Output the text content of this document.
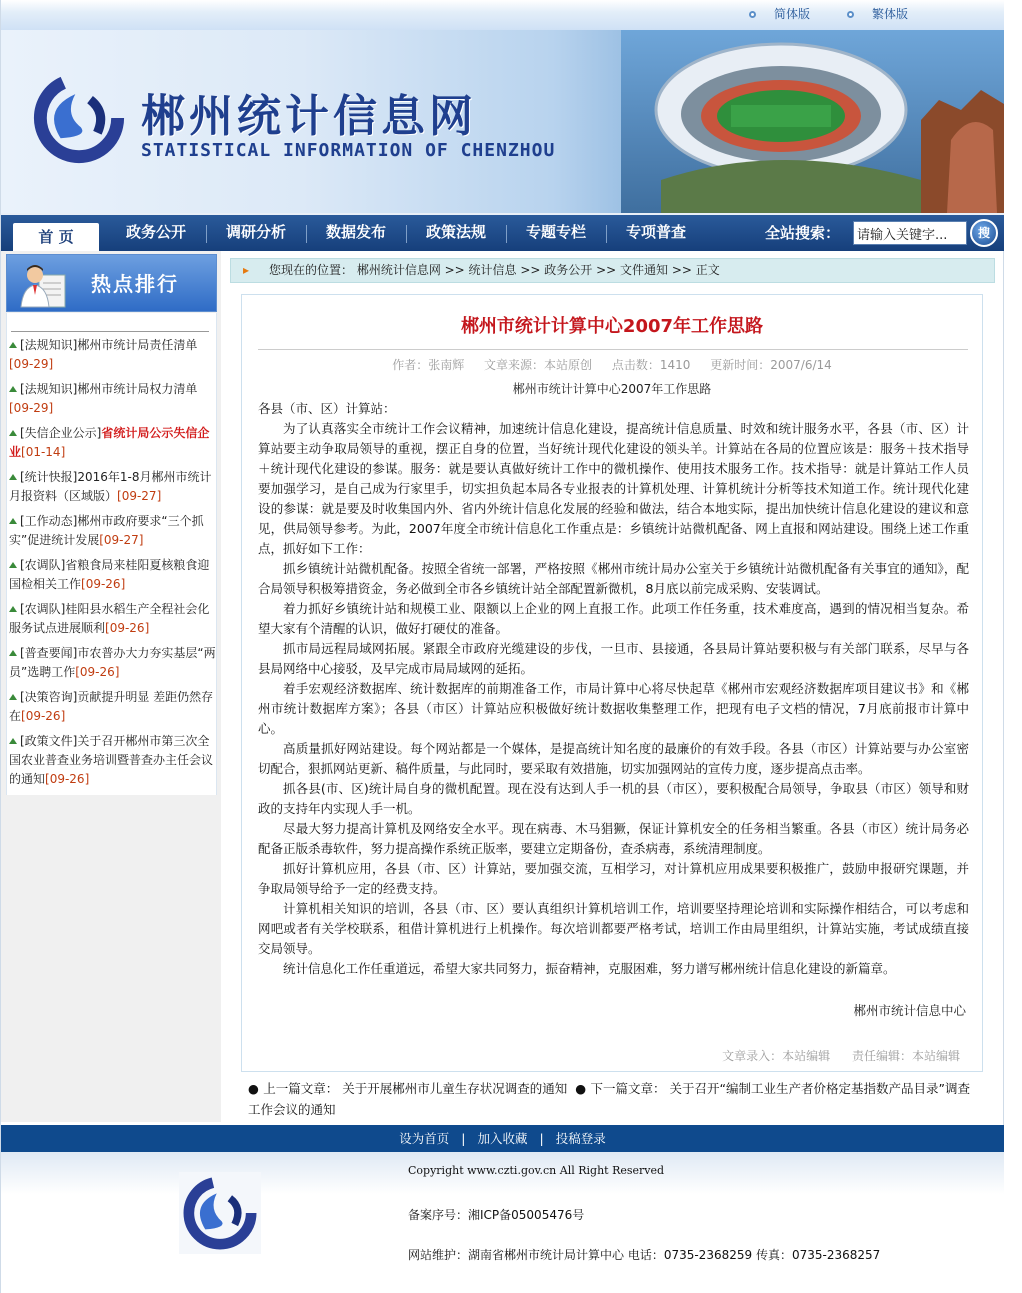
简体版	繁体版
郴州统计信息网
STATISTICAL INFORMATION OF CHENZHOU
首 页	政务公开	调研分析	数据发布	政策法规	专题专栏	专项普查	全站搜索：
请输入关键字...	搜
热点排行
[法规知识]郴州市统计局责任清单
[09-29]
[法规知识]郴州市统计局权力清单
[09-29]
[失信企业公示]省统计局公示失信企业[01-14]
[统计快报]2016年1-8月郴州市统计月报资料（区域版）[09-27]
[工作动态]郴州市政府要求“三个抓实”促进统计发展[09-27]
[农调队]省粮食局来桂阳夏核粮食迎国检相关工作[09-26]
[农调队]桂阳县水稻生产全程社会化服务试点进展顺利[09-26]
[普查要闻]市农普办大力夯实基层“两员”选聘工作[09-26]
[决策咨询]贡献提升明显 差距仍然存在[09-26]
[政策文件]关于召开郴州市第三次全国农业普查业务培训暨普查办主任会议的通知[09-26]
▸ 您现在的位置： 郴州统计信息网 >> 统计信息 >> 政务公开 >> 文件通知 >> 正文
郴州市统计计算中心2007年工作思路
作者：张南辉 文章来源：本站原创 点击数：1410 更新时间：2007/6/14
郴州市统计计算中心2007年工作思路

各县（市、区）计算站：

为了认真落实全市统计工作会议精神，加速统计信息化建设，提高统计信息质量、时效和统计服务水平，各县（市、区）计算站要主动争取局领导的重视，摆正自身的位置，当好统计现代化建设的领头羊。计算站在各局的位置应该是：服务＋技术指导＋统计现代化建设的参谋。服务：就是要认真做好统计工作中的微机操作、使用技术服务工作。技术指导：就是计算站工作人员要加强学习，是自己成为行家里手，切实担负起本局各专业报表的计算机处理、计算机统计分析等技术知道工作。统计现代化建设的参谋：就是要及时收集国内外、省内外统计信息化发展的经验和做法，结合本地实际，提出加快统计信息化建设的建议和意见，供局领导参考。为此，2007年度全市统计信息化工作重点是：乡镇统计站微机配备、网上直报和网站建设。围绕上述工作重点，抓好如下工作：

抓乡镇统计站微机配备。按照全省统一部署，严格按照《郴州市统计局办公室关于乡镇统计站微机配备有关事宜的通知》，配合局领导积极筹措资金，务必做到全市各乡镇统计站全部配置新微机，8月底以前完成采购、安装调试。

着力抓好乡镇统计站和规模工业、限额以上企业的网上直报工作。此项工作任务重，技术难度高，遇到的情况相当复杂。希望大家有个清醒的认识，做好打硬仗的准备。

抓市局远程局域网拓展。紧跟全市政府光缆建设的步伐，一旦市、县接通，各县局计算站要积极与有关部门联系，尽早与各县局网络中心接驳，及早完成市局局域网的延拓。

着手宏观经济数据库、统计数据库的前期准备工作，市局计算中心将尽快起草《郴州市宏观经济数据库项目建议书》和《郴州市统计数据库方案》；各县（市区）计算站应积极做好统计数据收集整理工作，把现有电子文档的情况，7月底前报市计算中心。

高质量抓好网站建设。每个网站都是一个媒体，是提高统计知名度的最廉价的有效手段。各县（市区）计算站要与办公室密切配合，狠抓网站更新、稿件质量，与此同时，要采取有效措施，切实加强网站的宣传力度，逐步提高点击率。

抓各县(市、区)统计局自身的微机配置。现在没有达到人手一机的县（市区），要积极配合局领导，争取县（市区）领导和财政的支持年内实现人手一机。

尽最大努力提高计算机及网络安全水平。现在病毒、木马猖獗，保证计算机安全的任务相当繁重。各县（市区）统计局务必配备正版杀毒软件，努力提高操作系统正版率，要建立定期备份，查杀病毒，系统清理制度。

抓好计算机应用，各县（市、区）计算站，要加强交流，互相学习，对计算机应用成果要积极推广，鼓励申报研究课题，并争取局领导给予一定的经费支持。

计算机相关知识的培训，各县（市、区）要认真组织计算机培训工作，培训要坚持理论培训和实际操作相结合，可以考虑和网吧或者有关学校联系，租借计算机进行上机操作。每次培训都要严格考试，培训工作由局里组织，计算站实施，考试成绩直接交局领导。

统计信息化工作任重道远，希望大家共同努力，振奋精神，克服困难，努力谱写郴州统计信息化建设的新篇章。

郴州市统计信息中心
文章录入：本站编辑 责任编辑：本站编辑
● 上一篇文章： 关于开展郴州市儿童生存状况调查的通知 ● 下一篇文章： 关于召开“编制工业生产者价格定基指数产品目录”调查工作会议的通知
设为首页 | 加入收藏 | 投稿登录
Copyright www.czti.gov.cn All Right Reserved
备案序号：湘ICP备05005476号
网站维护：湖南省郴州市统计局计算中心 电话：0735-2368259 传真：0735-2368257
